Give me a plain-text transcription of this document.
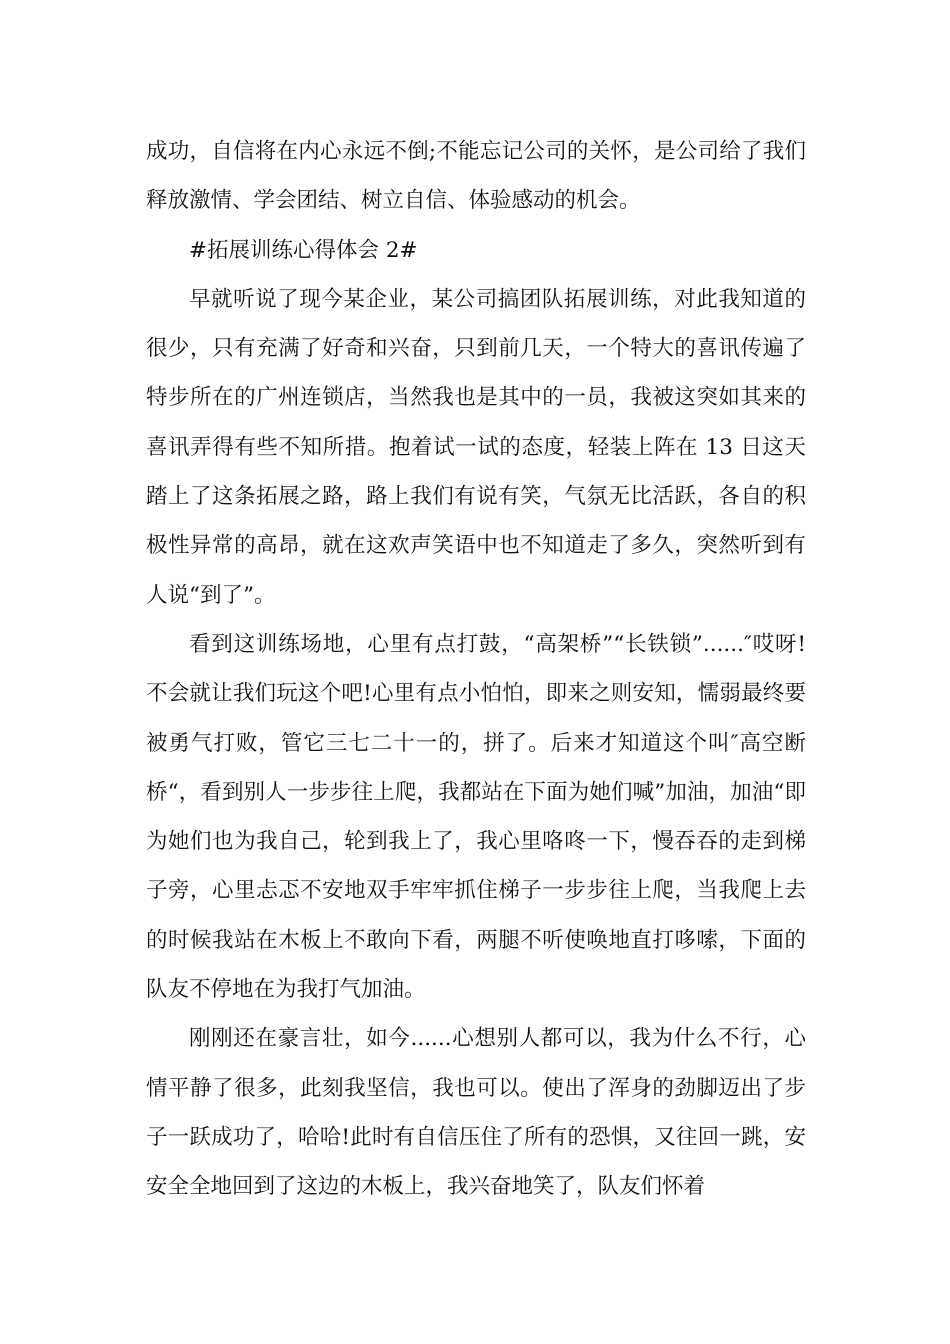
成功，自信将在内心永远不倒;不能忘记公司的关怀，是公司给了我们释放激情、学会团结、树立自信、体验感动的机会。

#拓展训练心得体会 2#

早就听说了现今某企业，某公司搞团队拓展训练，对此我知道的很少，只有充满了好奇和兴奋，只到前几天，一个特大的喜讯传遍了特步所在的广州连锁店，当然我也是其中的一员，我被这突如其来的喜讯弄得有些不知所措。抱着试一试的态度，轻装上阵在 13 日这天踏上了这条拓展之路，路上我们有说有笑，气氛无比活跃，各自的积极性异常的高昂，就在这欢声笑语中也不知道走了多久，突然听到有人说“到了”。

看到这训练场地，心里有点打鼓，“高架桥”“长铁锁”......″哎呀!不会就让我们玩这个吧!心里有点小怕怕，即来之则安知，懦弱最终要被勇气打败，管它三七二十一的，拼了。后来才知道这个叫″高空断桥“，看到别人一步步往上爬，我都站在下面为她们喊”加油，加油“即为她们也为我自己，轮到我上了，我心里咯咚一下，慢吞吞的走到梯子旁，心里忐忑不安地双手牢牢抓住梯子一步步往上爬，当我爬上去的时候我站在木板上不敢向下看，两腿不听使唤地直打哆嗦，下面的队友不停地在为我打气加油。

刚刚还在豪言壮，如今......心想别人都可以，我为什么不行，心情平静了很多，此刻我坚信，我也可以。使出了浑身的劲脚迈出了步子一跃成功了，哈哈!此时有自信压住了所有的恐惧，又往回一跳，安安全全地回到了这边的木板上，我兴奋地笑了，队友们怀着
